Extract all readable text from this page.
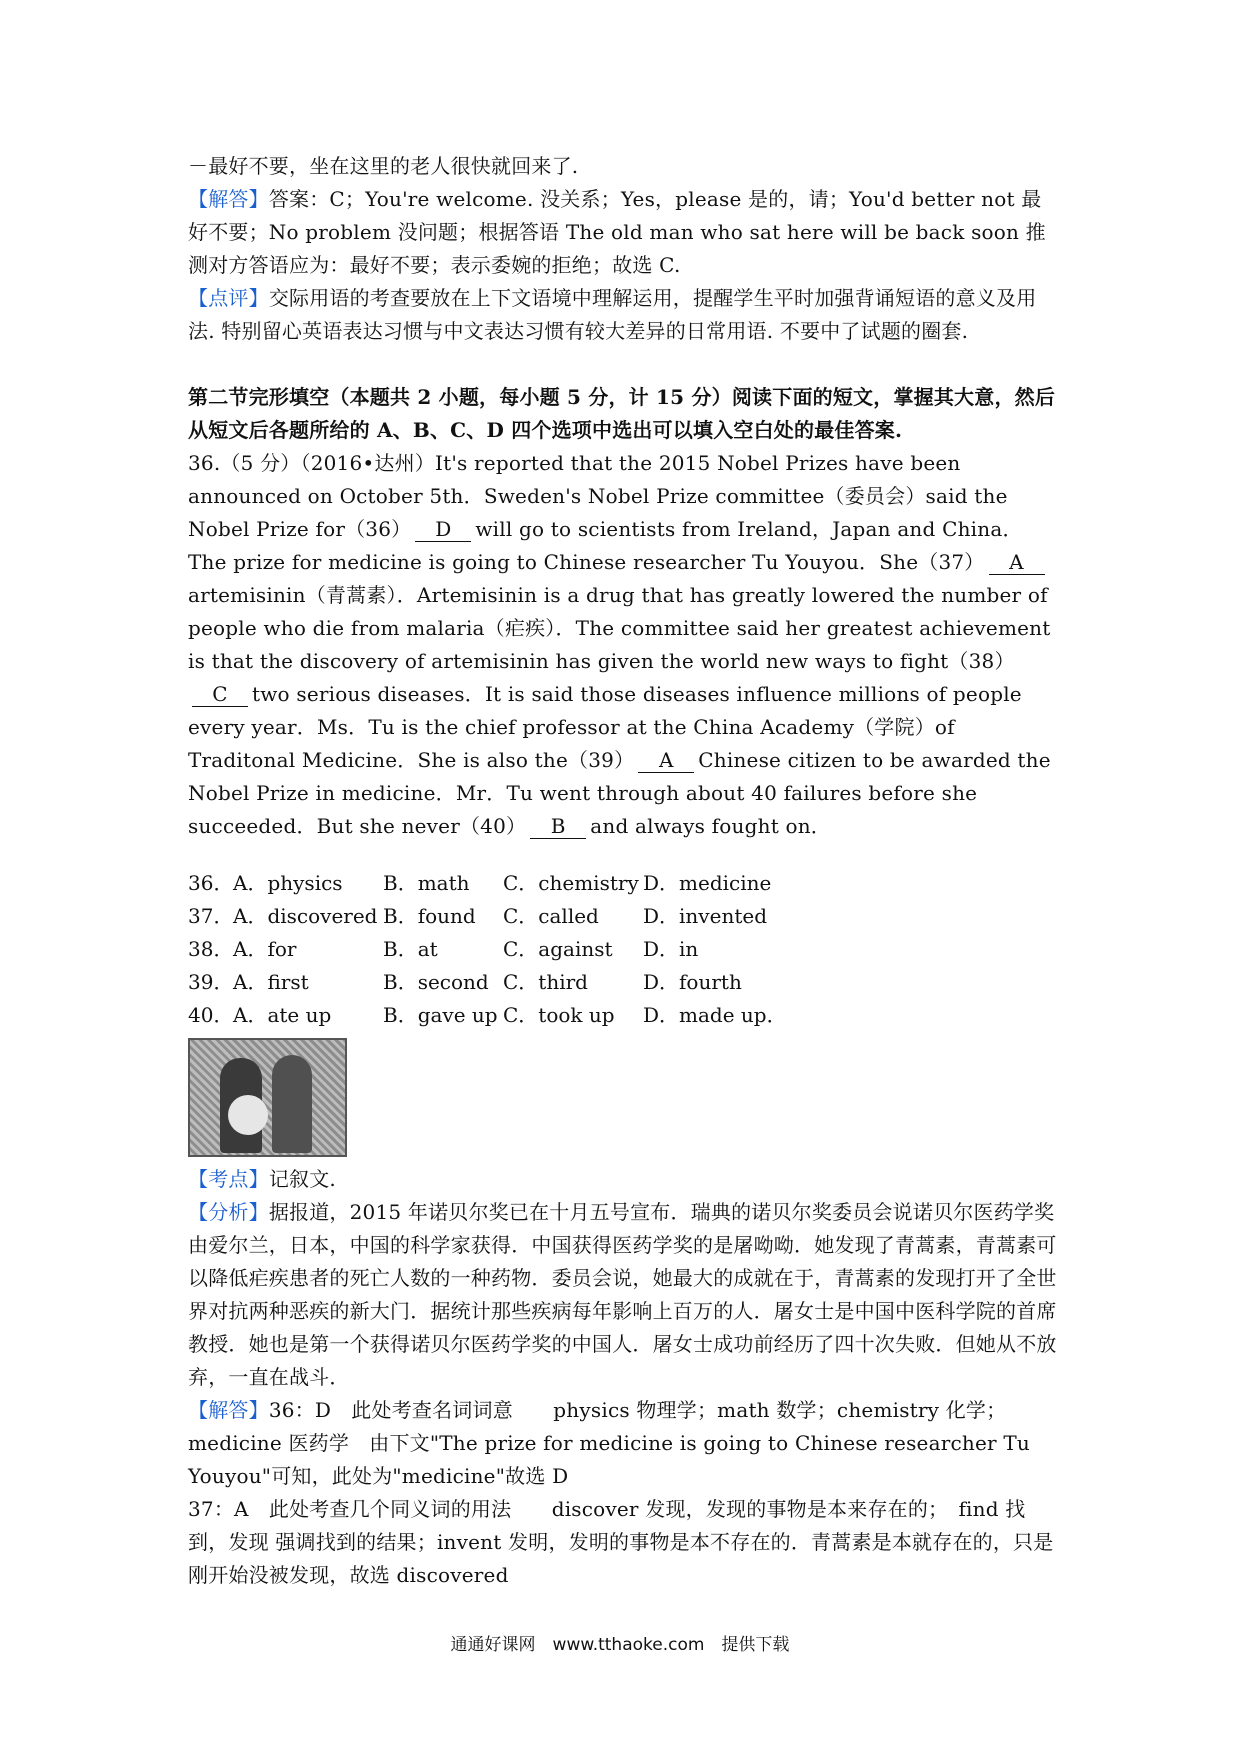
－最好不要，坐在这里的老人很快就回来了.

【解答】答案：C；You're welcome. 没关系；Yes，please 是的，请；You'd better not 最好不要；No problem 没问题；根据答语 The old man who sat here will be back soon 推测对方答语应为：最好不要；表示委婉的拒绝；故选 C.

【点评】交际用语的考查要放在上下文语境中理解运用，提醒学生平时加强背诵短语的意义及用法. 特别留心英语表达习惯与中文表达习惯有较大差异的日常用语. 不要中了试题的圈套.

第二节完形填空（本题共 2 小题，每小题 5 分，计 15 分）阅读下面的短文，掌握其大意，然后从短文后各题所给的 A、B、C、D 四个选项中选出可以填入空白处的最佳答案.

36.（5 分）（2016•达州）It's reported that the 2015 Nobel Prizes have been announced on October 5th．Sweden's Nobel Prize committee（委员会）said the Nobel Prize for（36） D will go to scientists from Ireland，Japan and China．The prize for medicine is going to Chinese researcher Tu Youyou．She（37） Aartemisinin（青蒿素）．Artemisinin is a drug that has greatly lowered the number of people who die from malaria（疟疾）．The committee said her greatest achievement is that the discovery of artemisinin has given the world new ways to fight（38）C two serious diseases．It is said those diseases influence millions of people every year．Ms．Tu is the chief professor at the China Academy（学院）of Traditonal Medicine．She is also the（39） A Chinese citizen to be awarded the Nobel Prize in medicine．Mr．Tu went through about 40 failures before she succeeded．But she never（40） B and always fought on．

36． A．physics	B．math	C．chemistry D．medicine
37． A．discovered B．found	C．called	D．invented
38． A．for	B．at	C．against	D．in
39． A．first	B．second C．third	D．fourth
40． A．ate up	B．gave up C．took up	D．made up．

【考点】记叙文.

【分析】据报道，2015 年诺贝尔奖已在十月五号宣布．瑞典的诺贝尔奖委员会说诺贝尔医药学奖由爱尔兰，日本，中国的科学家获得．中国获得医药学奖的是屠呦呦．她发现了青蒿素，青蒿素可以降低疟疾患者的死亡人数的一种药物．委员会说，她最大的成就在于，青蒿素的发现打开了全世界对抗两种恶疾的新大门．据统计那些疾病每年影响上百万的人．屠女士是中国中医科学院的首席教授．她也是第一个获得诺贝尔医药学奖的中国人．屠女士成功前经历了四十次失败．但她从不放弃，一直在战斗．

【解答】36：D　此处考查名词词意　　physics 物理学；math 数学；chemistry 化学；medicine 医药学　由下文"The prize for medicine is going to Chinese researcher Tu Youyou"可知，此处为"medicine"故选 D

37：A　此处考查几个同义词的用法　　discover 发现，发现的事物是本来存在的；　find 找到，发现 强调找到的结果；invent 发明，发明的事物是本不存在的．青蒿素是本就存在的，只是刚开始没被发现，故选 discovered

通通好课网　www.tthaoke.com　提供下载
